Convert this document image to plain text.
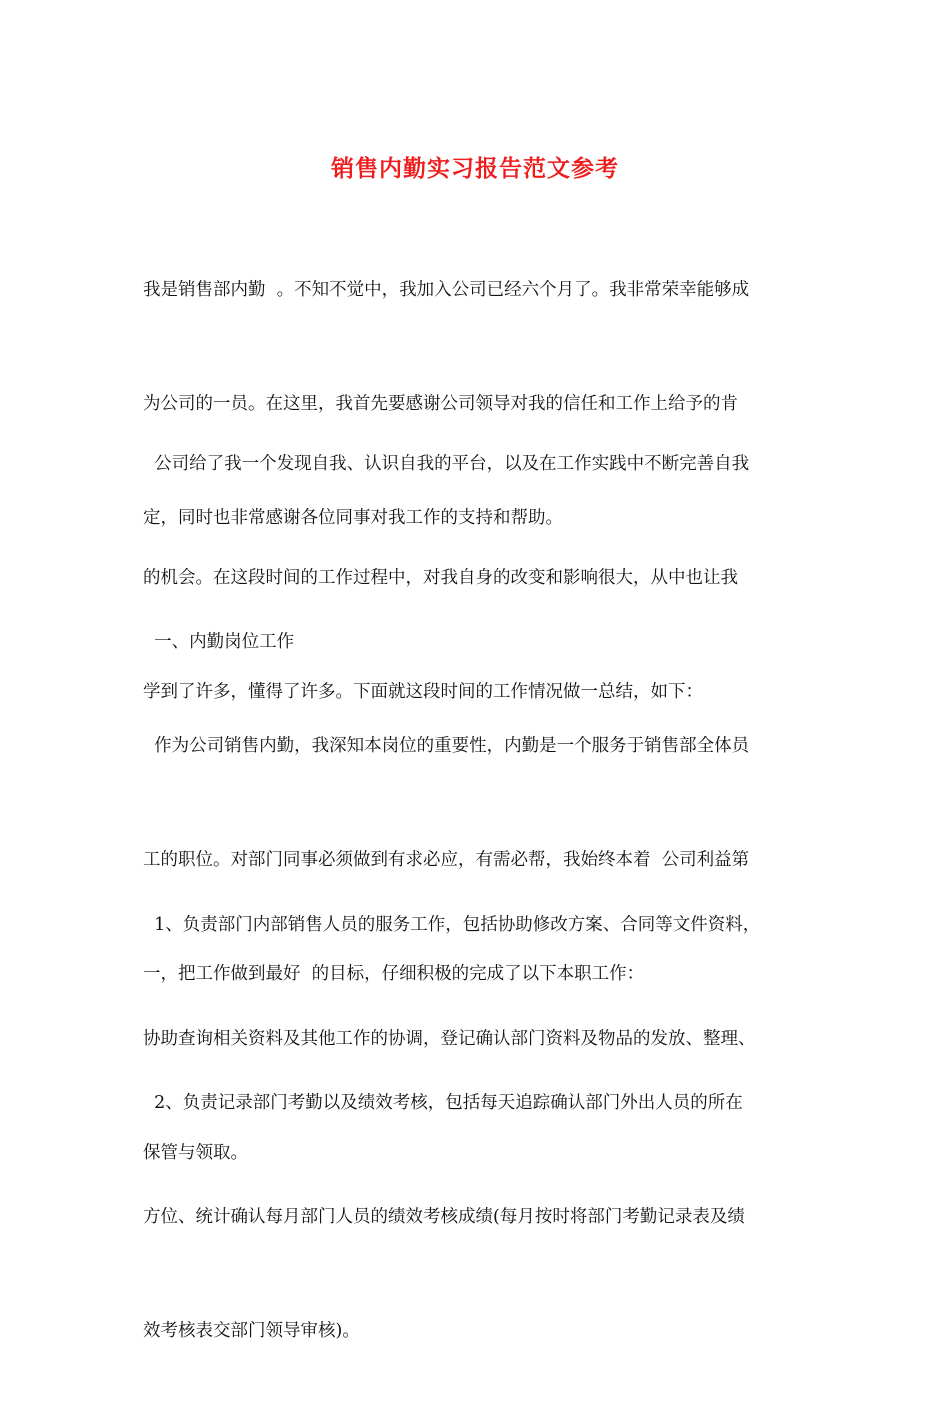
销售内勤实习报告范文参考

我是销售部内勤  。不知不觉中，我加入公司已经六个月了。我非常荣幸能够成

为公司的一员。在这里，我首先要感谢公司领导对我的信任和工作上给予的肯

定，同时也非常感谢各位同事对我工作的支持和帮助。

公司给了我一个发现自我、认识自我的平台，以及在工作实践中不断完善自我

的机会。在这段时间的工作过程中，对我自身的改变和影响很大，从中也让我

学到了许多，懂得了许多。下面就这段时间的工作情况做一总结，如下：

一、内勤岗位工作

作为公司销售内勤，我深知本岗位的重要性，内勤是一个服务于销售部全体员

工的职位。对部门同事必须做到有求必应，有需必帮，我始终本着  公司利益第

一，把工作做到最好  的目标，仔细积极的完成了以下本职工作：

1、负责部门内部销售人员的服务工作，包括协助修改方案、合同等文件资料，

协助查询相关资料及其他工作的协调，登记确认部门资料及物品的发放、整理、

保管与领取。

2、负责记录部门考勤以及绩效考核，包括每天追踪确认部门外出人员的所在

方位、统计确认每月部门人员的绩效考核成绩(每月按时将部门考勤记录表及绩

效考核表交部门领导审核)。
